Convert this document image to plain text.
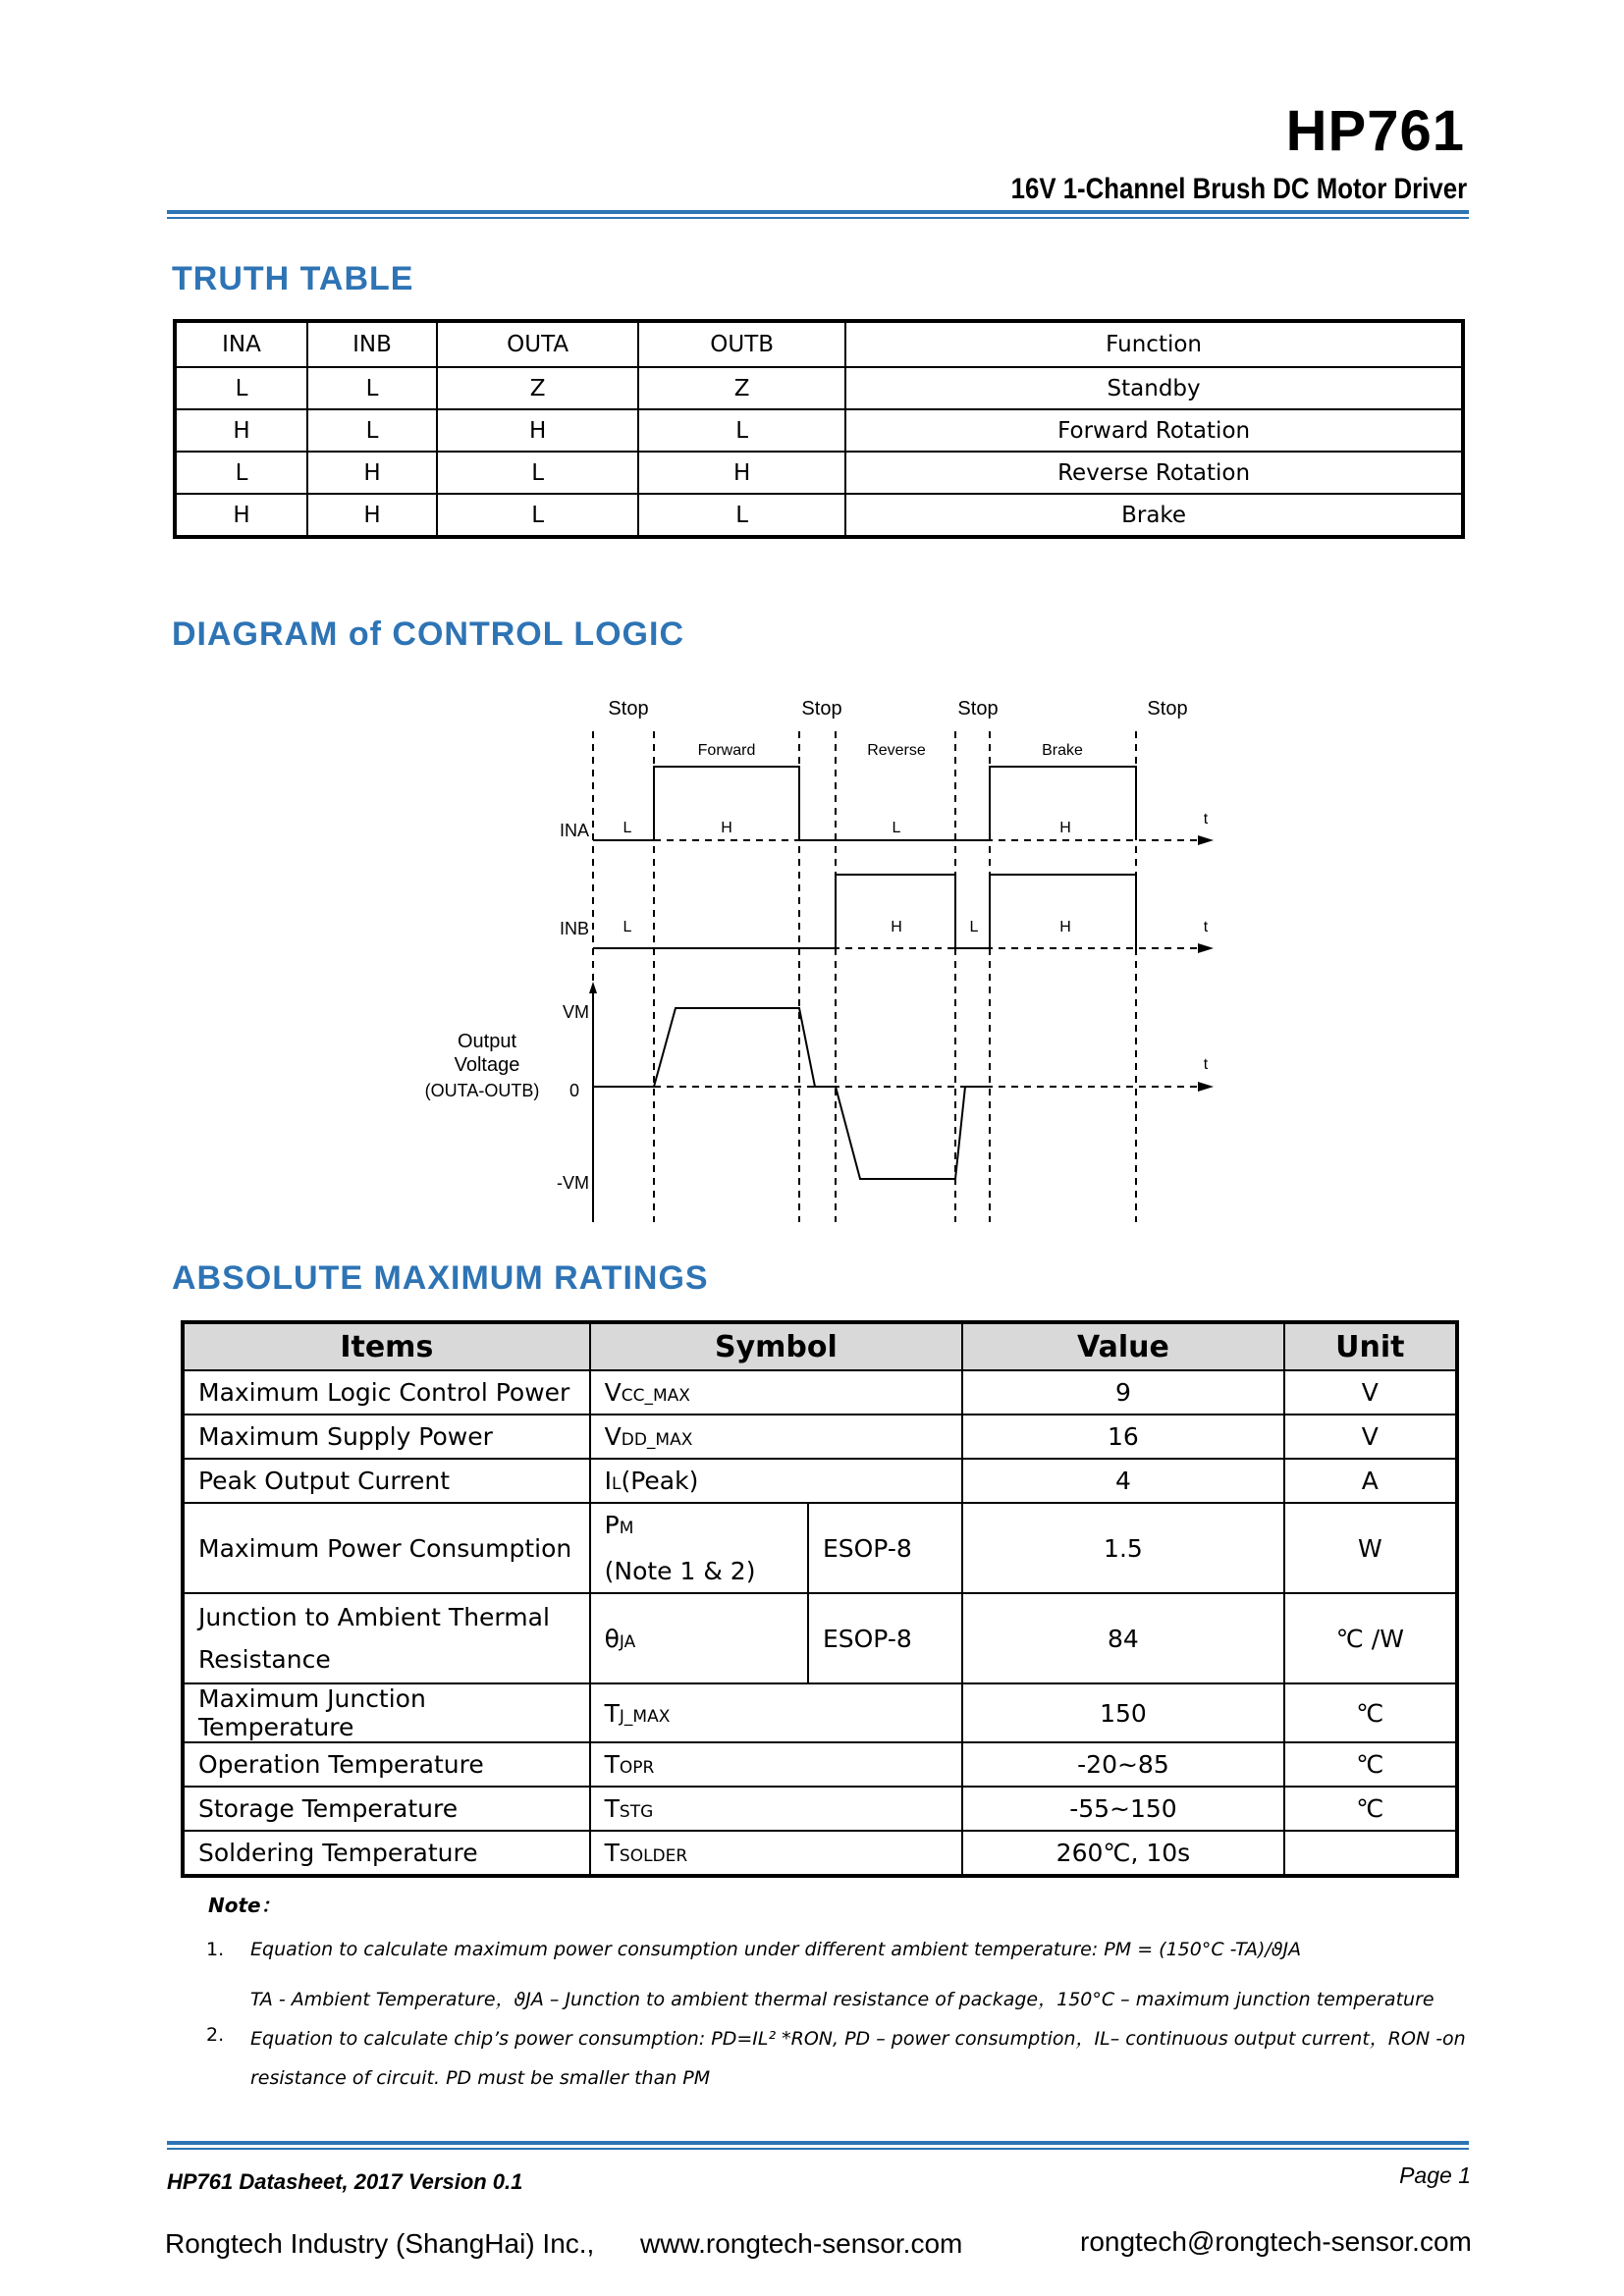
HP761
16V 1-Channel Brush DC Motor Driver
TRUTH TABLE
INA	INB	OUTA	OUTB	Function
L	L	Z	Z	Standby
H	L	H	L	Forward Rotation
L	H	L	H	Reverse Rotation
H	H	L	L	Brake
DIAGRAM of CONTROL LOGIC
Stop	Stop	Stop	Stop
Forward	Reverse	Brake
L	H	L	H
L	H	L	H
t
t
t
INA
INB
VM
0
-VM
Output
Voltage
(OUTA-OUTB)
ABSOLUTE MAXIMUM RATINGS
Items	Symbol		Value	Unit
Maximum Logic Control Power	VCC_MAX		9	V
Maximum Supply Power	VDD_MAX		16	V
Peak Output Current	IL(Peak)		4	A
Maximum Power Consumption	PM
(Note 1 & 2)	ESOP-8	1.5	W
Junction to Ambient Thermal
Resistance	θJA	ESOP-8	84	℃ /W
Maximum Junction Temperature	TJ_MAX		150	℃
Operation Temperature	TOPR		-20~85	℃
Storage Temperature	TSTG		-55~150	℃
Soldering Temperature	TSOLDER		260℃, 10s	
Note：
1. Equation to calculate maximum power consumption under different ambient temperature: PM = (150°C -TA)/ϑJA
TA - Ambient Temperature，ϑJA – Junction to ambient thermal resistance of package，150°C – maximum junction temperature
2. Equation to calculate chip’s power consumption: PD=IL² *RON, PD – power consumption，IL– continuous output current，RON -on
resistance of circuit. PD must be smaller than PM
HP761 Datasheet, 2017 Version 0.1	Page 1
Rongtech Industry (ShangHai) Inc., www.rongtech-sensor.com	rongtech@rongtech-sensor.com
